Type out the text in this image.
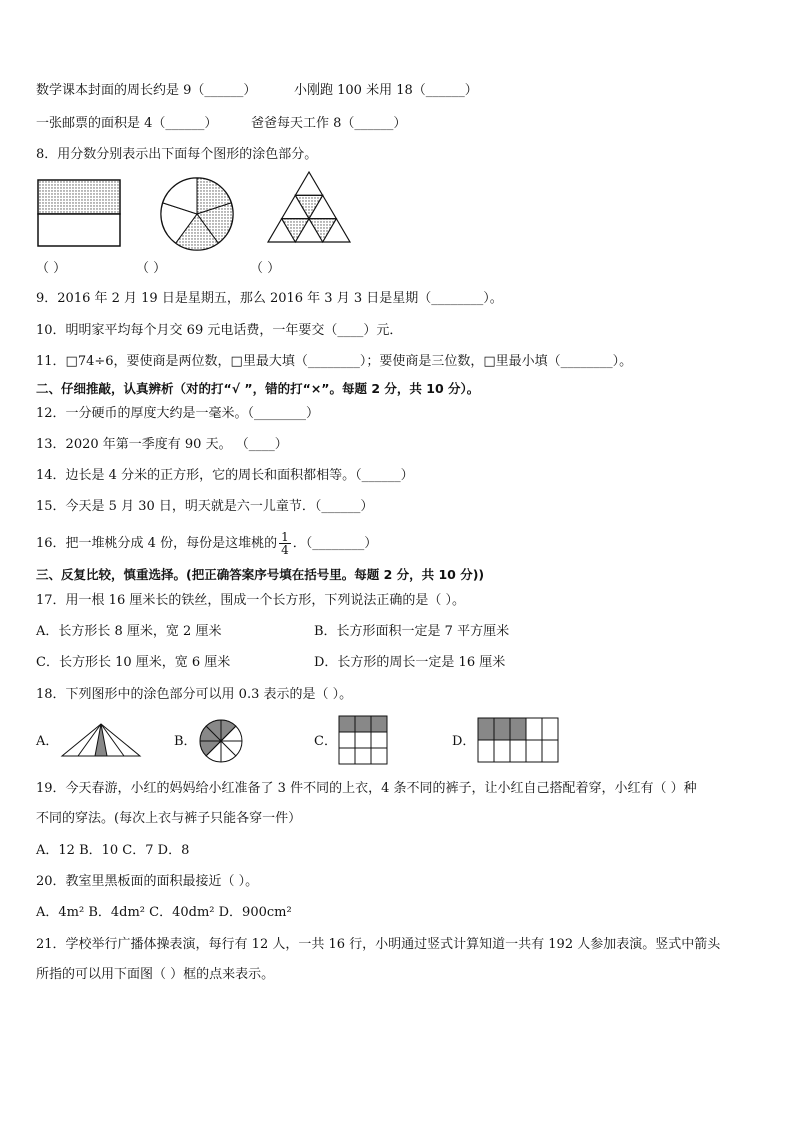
数学课本封面的周长约是 9（______）	小刚跑 100 米用 18（______）
一张邮票的面积是 4（______）	爸爸每天工作 8（______）
8．用分数分别表示出下面每个图形的涂色部分。
（ ）	（ ）	（ ）
9．2016 年 2 月 19 日是星期五，那么 2016 年 3 月 3 日是星期（________）。
10．明明家平均每个月交 69 元电话费，一年要交（____）元．
11．□74÷6，要使商是两位数，□里最大填（________）；要使商是三位数，□里最小填（________）。
二、仔细推敲，认真辨析（对的打“√ ”，错的打“×”。每题 2 分，共 10 分）。
12．一分硬币的厚度大约是一毫米。（________）
13．2020 年第一季度有 90 天。 （____）
14．边长是 4 分米的正方形，它的周长和面积都相等。（______）
15．今天是 5 月 30 日，明天就是六一儿童节．（______）
16．把一堆桃分成 4 份，每份是这堆桃的 $\frac{1}{4}$ ．（________）
三、反复比较，慎重选择。(把正确答案序号填在括号里。每题 2 分，共 10 分))
17．用一根 16 厘米长的铁丝，围成一个长方形，下列说法正确的是（ ）。
A．长方形长 8 厘米，宽 2 厘米	B．长方形面积一定是 7 平方厘米
C．长方形长 10 厘米，宽 6 厘米	D．长方形的周长一定是 16 厘米
18．下列图形中的涂色部分可以用 0.3 表示的是（ ）。
A．	B．	C．	D．
19．今天春游，小红的妈妈给小红准备了 3 件不同的上衣，4 条不同的裤子，让小红自己搭配着穿，小红有（ ）种
不同的穿法。(每次上衣与裤子只能各穿一件）
A．12 B．10 C．7 D．8
20．教室里黑板面的面积最接近（ ）。
A．4m² B．4dm² C．40dm² D．900cm²
21．学校举行广播体操表演，每行有 12 人，一共 16 行，小明通过竖式计算知道一共有 192 人参加表演。竖式中箭头
所指的可以用下面图（ ）框的点来表示。
